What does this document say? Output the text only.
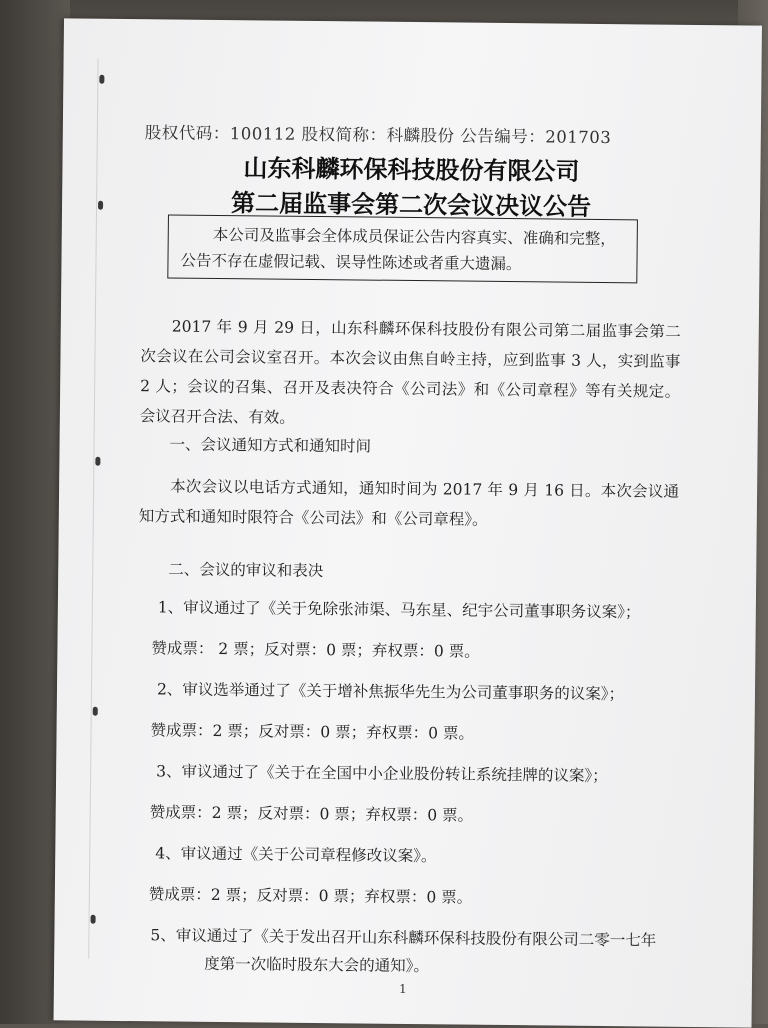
股权代码：100112 股权简称：科麟股份 公告编号：201703
山东科麟环保科技股份有限公司
第二届监事会第二次会议决议公告
本公司及监事会全体成员保证公告内容真实、准确和完整，
公告不存在虚假记载、误导性陈述或者重大遗漏。
2017 年 9 月 29 日，山东科麟环保科技股份有限公司第二届监事会第二次会议在公司会议室召开。本次会议由焦自岭主持，应到监事 3 人，实到监事 2 人；会议的召集、召开及表决符合《公司法》和《公司章程》等有关规定。会议召开合法、有效。
一、会议通知方式和通知时间
本次会议以电话方式通知，通知时间为 2017 年 9 月 16 日。本次会议通知方式和通知时限符合《公司法》和《公司章程》。
二、会议的审议和表决
1、审议通过了《关于免除张沛渠、马东星、纪宇公司董事职务议案》；
赞成票： 2 票；反对票：0 票；弃权票：0 票。
2、审议选举通过了《关于增补焦振华先生为公司董事职务的议案》；
赞成票：2 票；反对票：0 票；弃权票：0 票。
3、审议通过了《关于在全国中小企业股份转让系统挂牌的议案》；
赞成票：2 票；反对票：0 票；弃权票：0 票。
4、审议通过《关于公司章程修改议案》。
赞成票：2 票；反对票：0 票；弃权票：0 票。
5、审议通过了《关于发出召开山东科麟环保科技股份有限公司二零一七年
度第一次临时股东大会的通知》。
1
